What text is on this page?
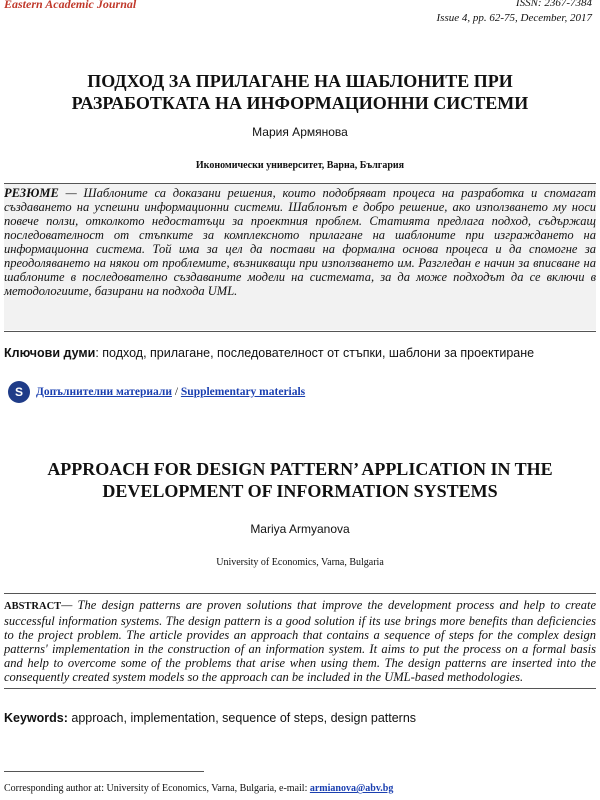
Eastern Academic Journal	ISSN: 2367-7384
Issue 4, pp. 62-75, December, 2017
ПОДХОД ЗА ПРИЛАГАНЕ НА ШАБЛОНИТЕ ПРИ
РАЗРАБОТКАТА НА ИНФОРМАЦИОННИ СИСТЕМИ
Мария Армянова
Икономически университет, Варна, България

РЕЗЮМЕ — Шаблоните са доказани решения, които подобряват процеса на разработка и спомагат създаването на успешни информационни системи. Шаблонът е добро решение, ако използването му носи повече ползи, отколкото недостатъци за проектния проблем. Статията предлага подход, съдържащ последователност от стъпките за комплексното прилагане на шаблоните при изграждането на информационна система. Той има за цел да постави на формална основа процеса и да спомогне за преодоляването на някои от проблемите, възникващи при използването им. Разгледан е начин за вписване на шаблоните в последователно създаваните модели на системата, за да може подходът да се включи в методологиите, базирани на подхода UML.

Ключови думи: подход, прилагане, последователност от стъпки, шаблони за проектиране
S	Допълнителни материали / Supplementary materials
APPROACH FOR DESIGN PATTERN’ APPLICATION IN THE
DEVELOPMENT OF INFORMATION SYSTEMS
Mariya Armyanova
University of Economics, Varna, Bulgaria

ABSTRACT— The design patterns are proven solutions that improve the development process and help to create successful information systems. The design pattern is a good solution if its use brings more benefits than deficiencies to the project problem. The article provides an approach that contains a sequence of steps for the complex design patterns' implementation in the construction of an information system. It aims to put the process on a formal basis and help to overcome some of the problems that arise when using them. The design patterns are inserted into the consequently created system models so the approach can be included in the UML-based methodologies.

Keywords: approach, implementation, sequence of steps, design patterns
Corresponding author at: University of Economics, Varna, Bulgaria, e-mail: armianova@abv.bg
